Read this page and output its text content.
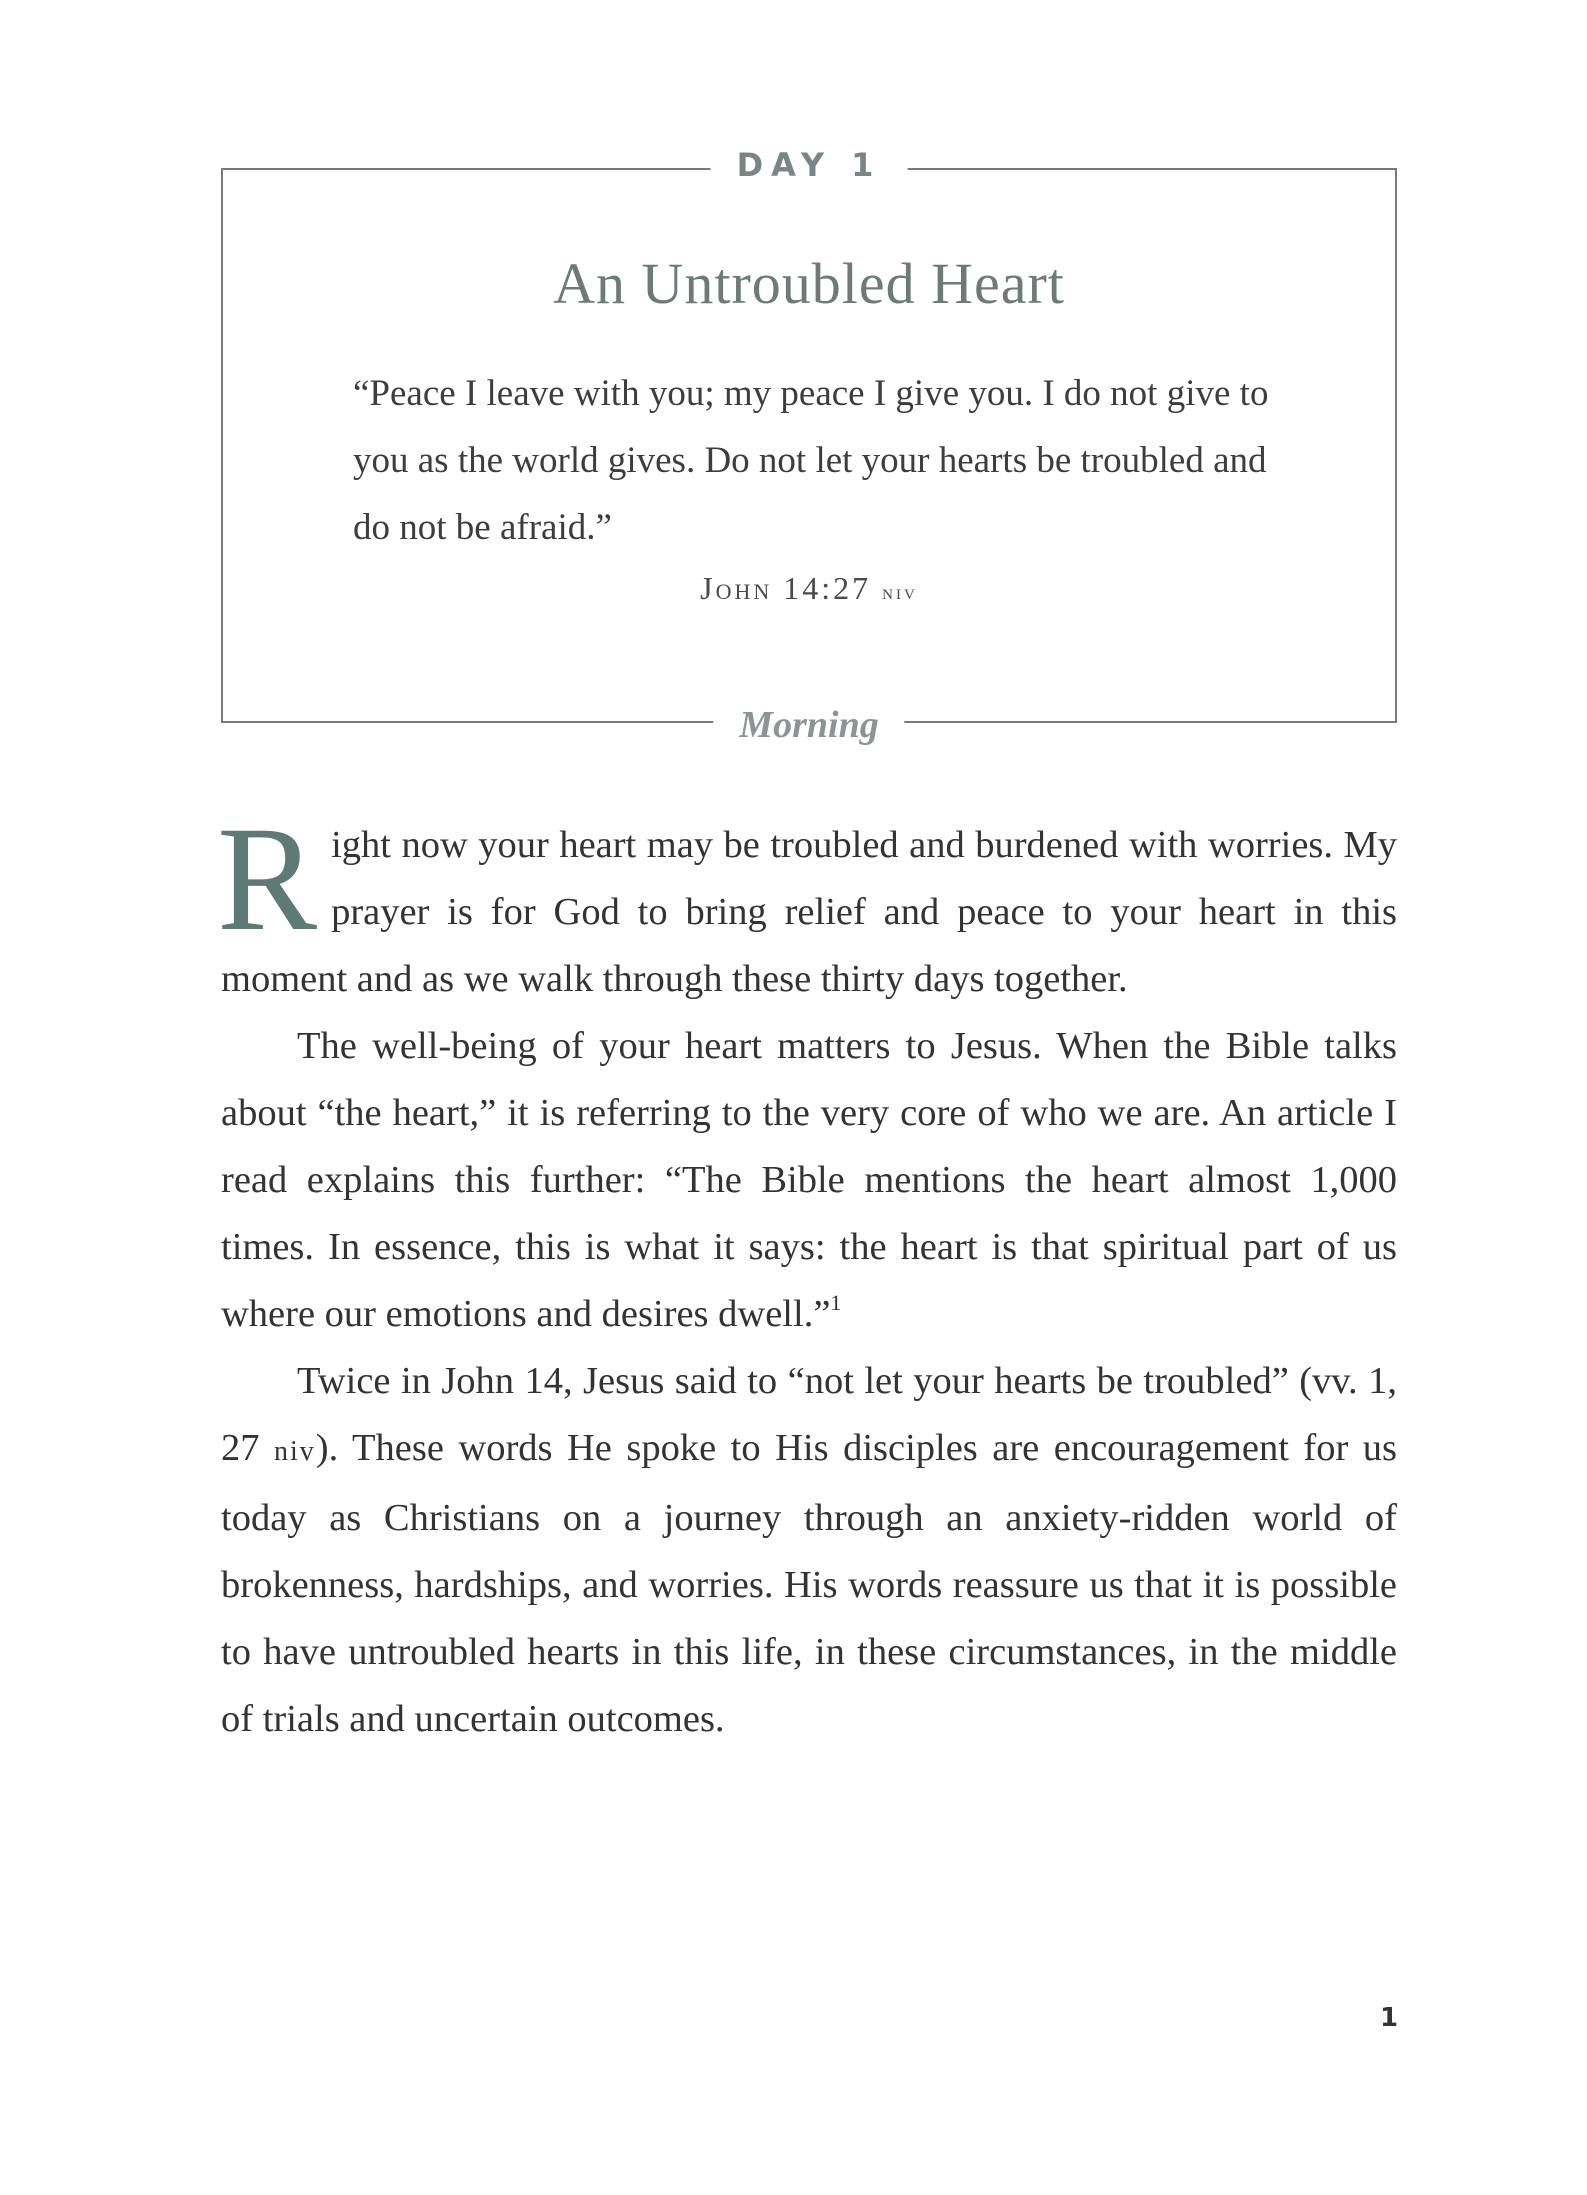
DAY 1
An Untroubled Heart
“Peace I leave with you; my peace I give you. I do not give to you as the world gives. Do not let your hearts be troubled and do not be afraid.”
John 14:27 niv
Morning

Right now your heart may be troubled and burdened with worries. My prayer is for God to bring relief and peace to your heart in this moment and as we walk through these thirty days together.

The well-being of your heart matters to Jesus. When the Bible talks about “the heart,” it is referring to the very core of who we are. An article I read explains this further: “The Bible mentions the heart almost 1,000 times. In essence, this is what it says: the heart is that spiritual part of us where our emotions and desires dwell.”$^1$

Twice in John 14, Jesus said to “not let your hearts be troubled” (vv. 1, 27 niv). These words He spoke to His disciples are encouragement for us today as Christians on a journey through an anxiety-ridden world of brokenness, hardships, and worries. His words reassure us that it is possible to have untroubled hearts in this life, in these circumstances, in the middle of trials and uncertain outcomes.

1
